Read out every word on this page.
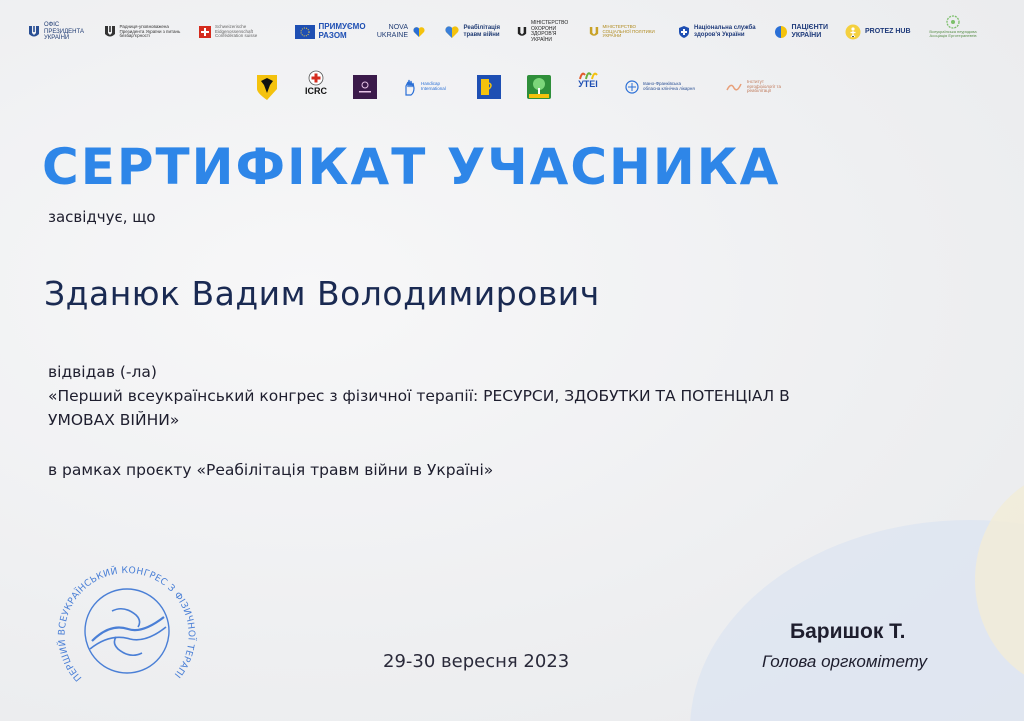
ОФІС ПРЕЗИДЕНТА УКРАЇНИ
Радниця-уповноважена Президента України з питань безбар'єрності
Schweizerische Eidgenossenschaft Confédération suisse
ПРИМУЄМО РАЗОМ
NOVA UKRAINE
Реабілітація травм війни
МІНІСТЕРСТВО ОХОРОНИ ЗДОРОВ'Я УКРАЇНИ
МІНІСТЕРСТВО СОЦІАЛЬНОЇ ПОЛІТИКИ УКРАЇНИ
Національна служба здоров'я України
ПАЦІЄНТИ УКРАЇНИ
PROTEZ HUB	Всеукраїнська неурядова Асоціація Ерготерапевтів
ICRC
Handicap International	УТЕІ	Івано-Франківська обласна клінічна лікарня
Інститут ергофізіології та реабілітації
СЕРТИФІКАТ УЧАСНИКА
засвідчує, що
Зданюк Вадим Володимирович
відвідав (-ла)
«Перший всеукраїнський конгрес з фізичної терапії: РЕСУРСИ, ЗДОБУТКИ ТА ПОТЕНЦІАЛ В УМОВАХ ВІЙНИ»
в рамках проєкту «Реабілітація травм війни в Україні»
ПЕРШИЙ ВСЕУКРАЇНСЬКИЙ КОНГРЕС З ФІЗИЧНОЇ ТЕРАПІ
29-30 вересня 2023
Баришок Т.
Голова оргкомітету
